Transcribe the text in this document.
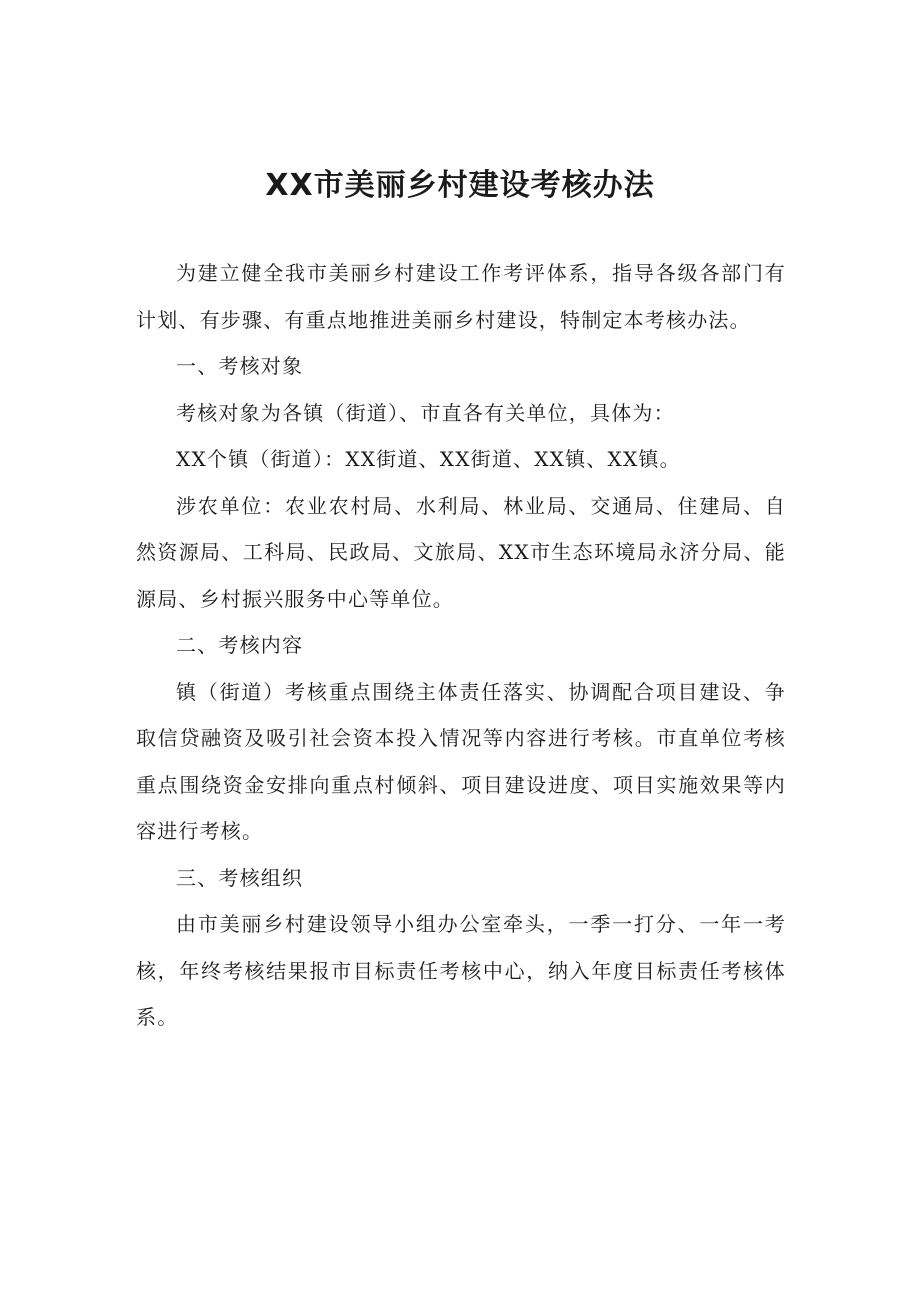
XX市美丽乡村建设考核办法

为建立健全我市美丽乡村建设工作考评体系，指导各级各部门有计划、有步骤、有重点地推进美丽乡村建设，特制定本考核办法。

一、考核对象

考核对象为各镇（街道）、市直各有关单位，具体为：

XX个镇（街道）：XX街道、XX街道、XX镇、XX镇。

涉农单位：农业农村局、水利局、林业局、交通局、住建局、自然资源局、工科局、民政局、文旅局、XX市生态环境局永济分局、能源局、乡村振兴服务中心等单位。

二、考核内容

镇（街道）考核重点围绕主体责任落实、协调配合项目建设、争取信贷融资及吸引社会资本投入情况等内容进行考核。市直单位考核重点围绕资金安排向重点村倾斜、项目建设进度、项目实施效果等内容进行考核。

三、考核组织

由市美丽乡村建设领导小组办公室牵头，一季一打分、一年一考核，年终考核结果报市目标责任考核中心，纳入年度目标责任考核体系。
